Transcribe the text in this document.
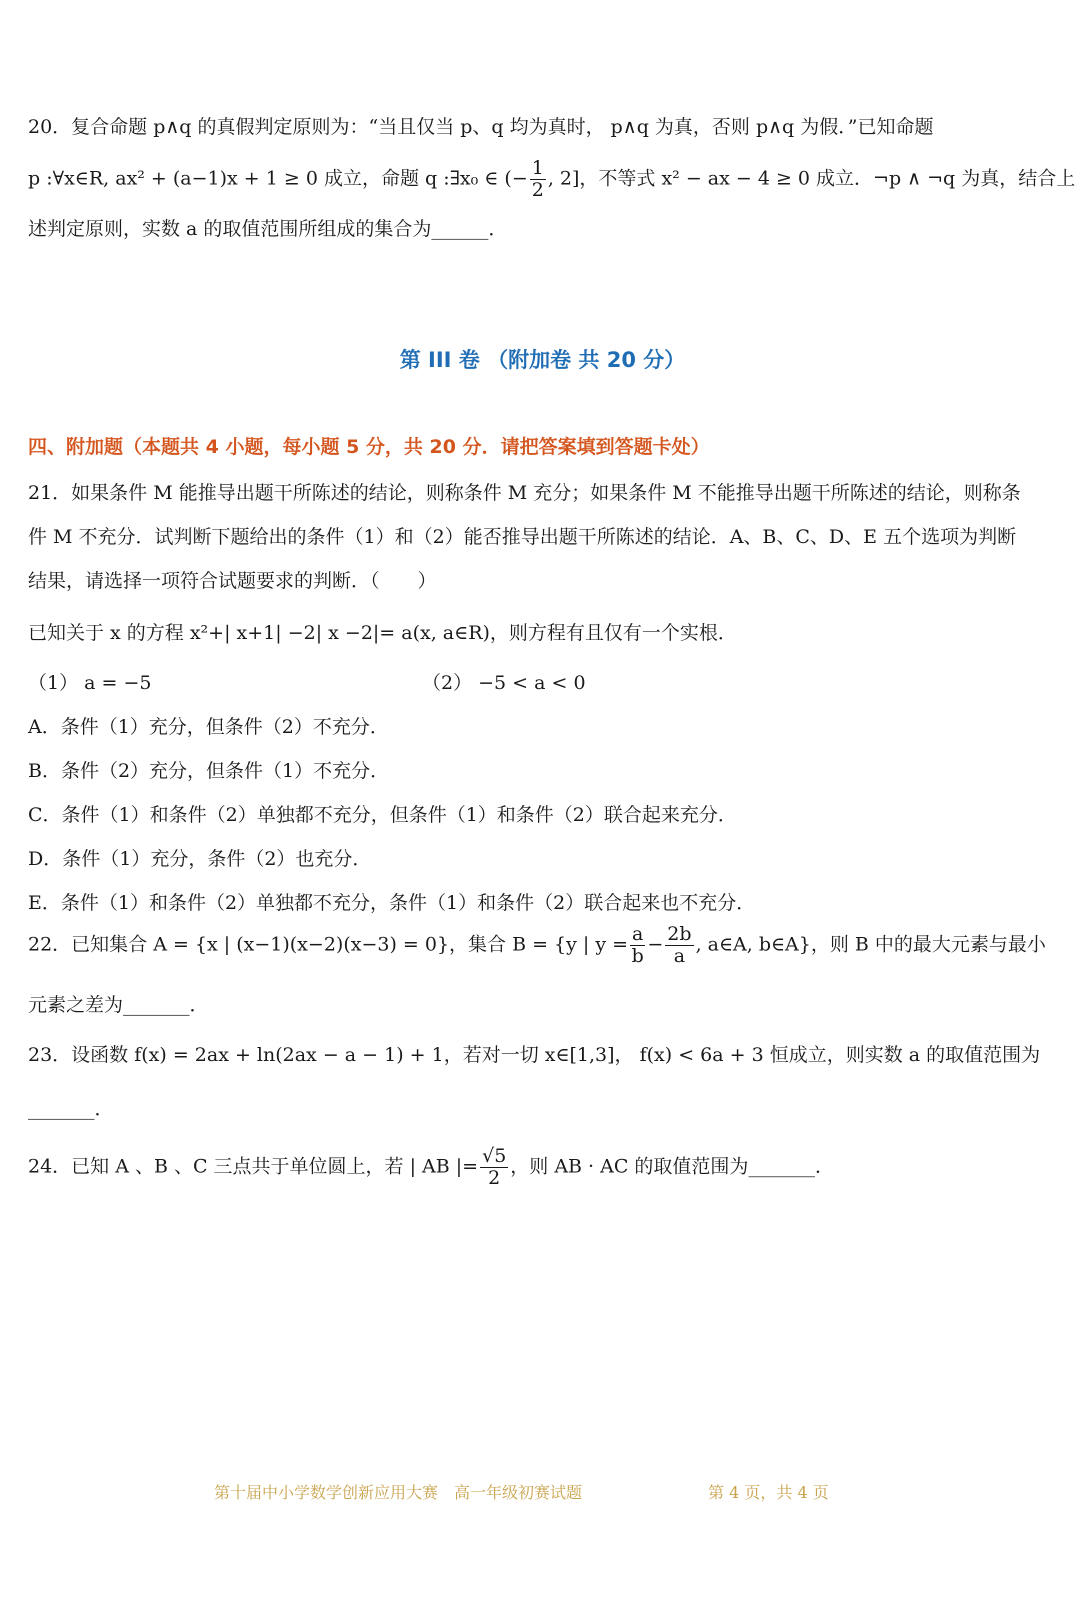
20．复合命题 p∧q 的真假判定原则为：“当且仅当 p、q 均为真时， p∧q 为真，否则 p∧q 为假．”已知命题
p :∀x∈R, ax² + (a−1)x + 1 ≥ 0 成立，命题 q :∃x₀ ∈ (− $\frac{1}{2}$ , 2]，不等式 x² − ax − 4 ≥ 0 成立．¬p ∧ ¬q 为真，结合上
述判定原则，实数 a 的取值范围所组成的集合为______．
第 III 卷 （附加卷 共 20 分）
四、附加题（本题共 4 小题，每小题 5 分，共 20 分．请把答案填到答题卡处）
21．如果条件 M 能推导出题干所陈述的结论，则称条件 M 充分；如果条件 M 不能推导出题干所陈述的结论，则称条
件 M 不充分．试判断下题给出的条件（1）和（2）能否推导出题干所陈述的结论．A、B、C、D、E 五个选项为判断
结果，请选择一项符合试题要求的判断．（　　）
已知关于 x 的方程 x²+| x+1| −2| x −2|= a(x, a∈R)，则方程有且仅有一个实根．
（1） a = −5	（2） −5 < a < 0
A．条件（1）充分，但条件（2）不充分．
B．条件（2）充分，但条件（1）不充分．
C．条件（1）和条件（2）单独都不充分，但条件（1）和条件（2）联合起来充分．
D．条件（1）充分，条件（2）也充分．
E．条件（1）和条件（2）单独都不充分，条件（1）和条件（2）联合起来也不充分．
22．已知集合 A = {x | (x−1)(x−2)(x−3) = 0}，集合 B = {y | $y = \frac{a}{b} - \frac{2b}{a}$ , a∈A, b∈A}，则 B 中的最大元素与最小
元素之差为_______．
23．设函数 f(x) = 2ax + ln(2ax − a − 1) + 1，若对一切 x∈[1,3]， f(x) < 6a + 3 恒成立，则实数 a 的取值范围为
_______．
24．已知 A 、B 、C 三点共于单位圆上，若 | AB |= $\frac{√5}{2}$ ，则 AB · AC 的取值范围为_______．
第十届中小学数学创新应用大赛　高一年级初赛试题	第 4 页，共 4 页
